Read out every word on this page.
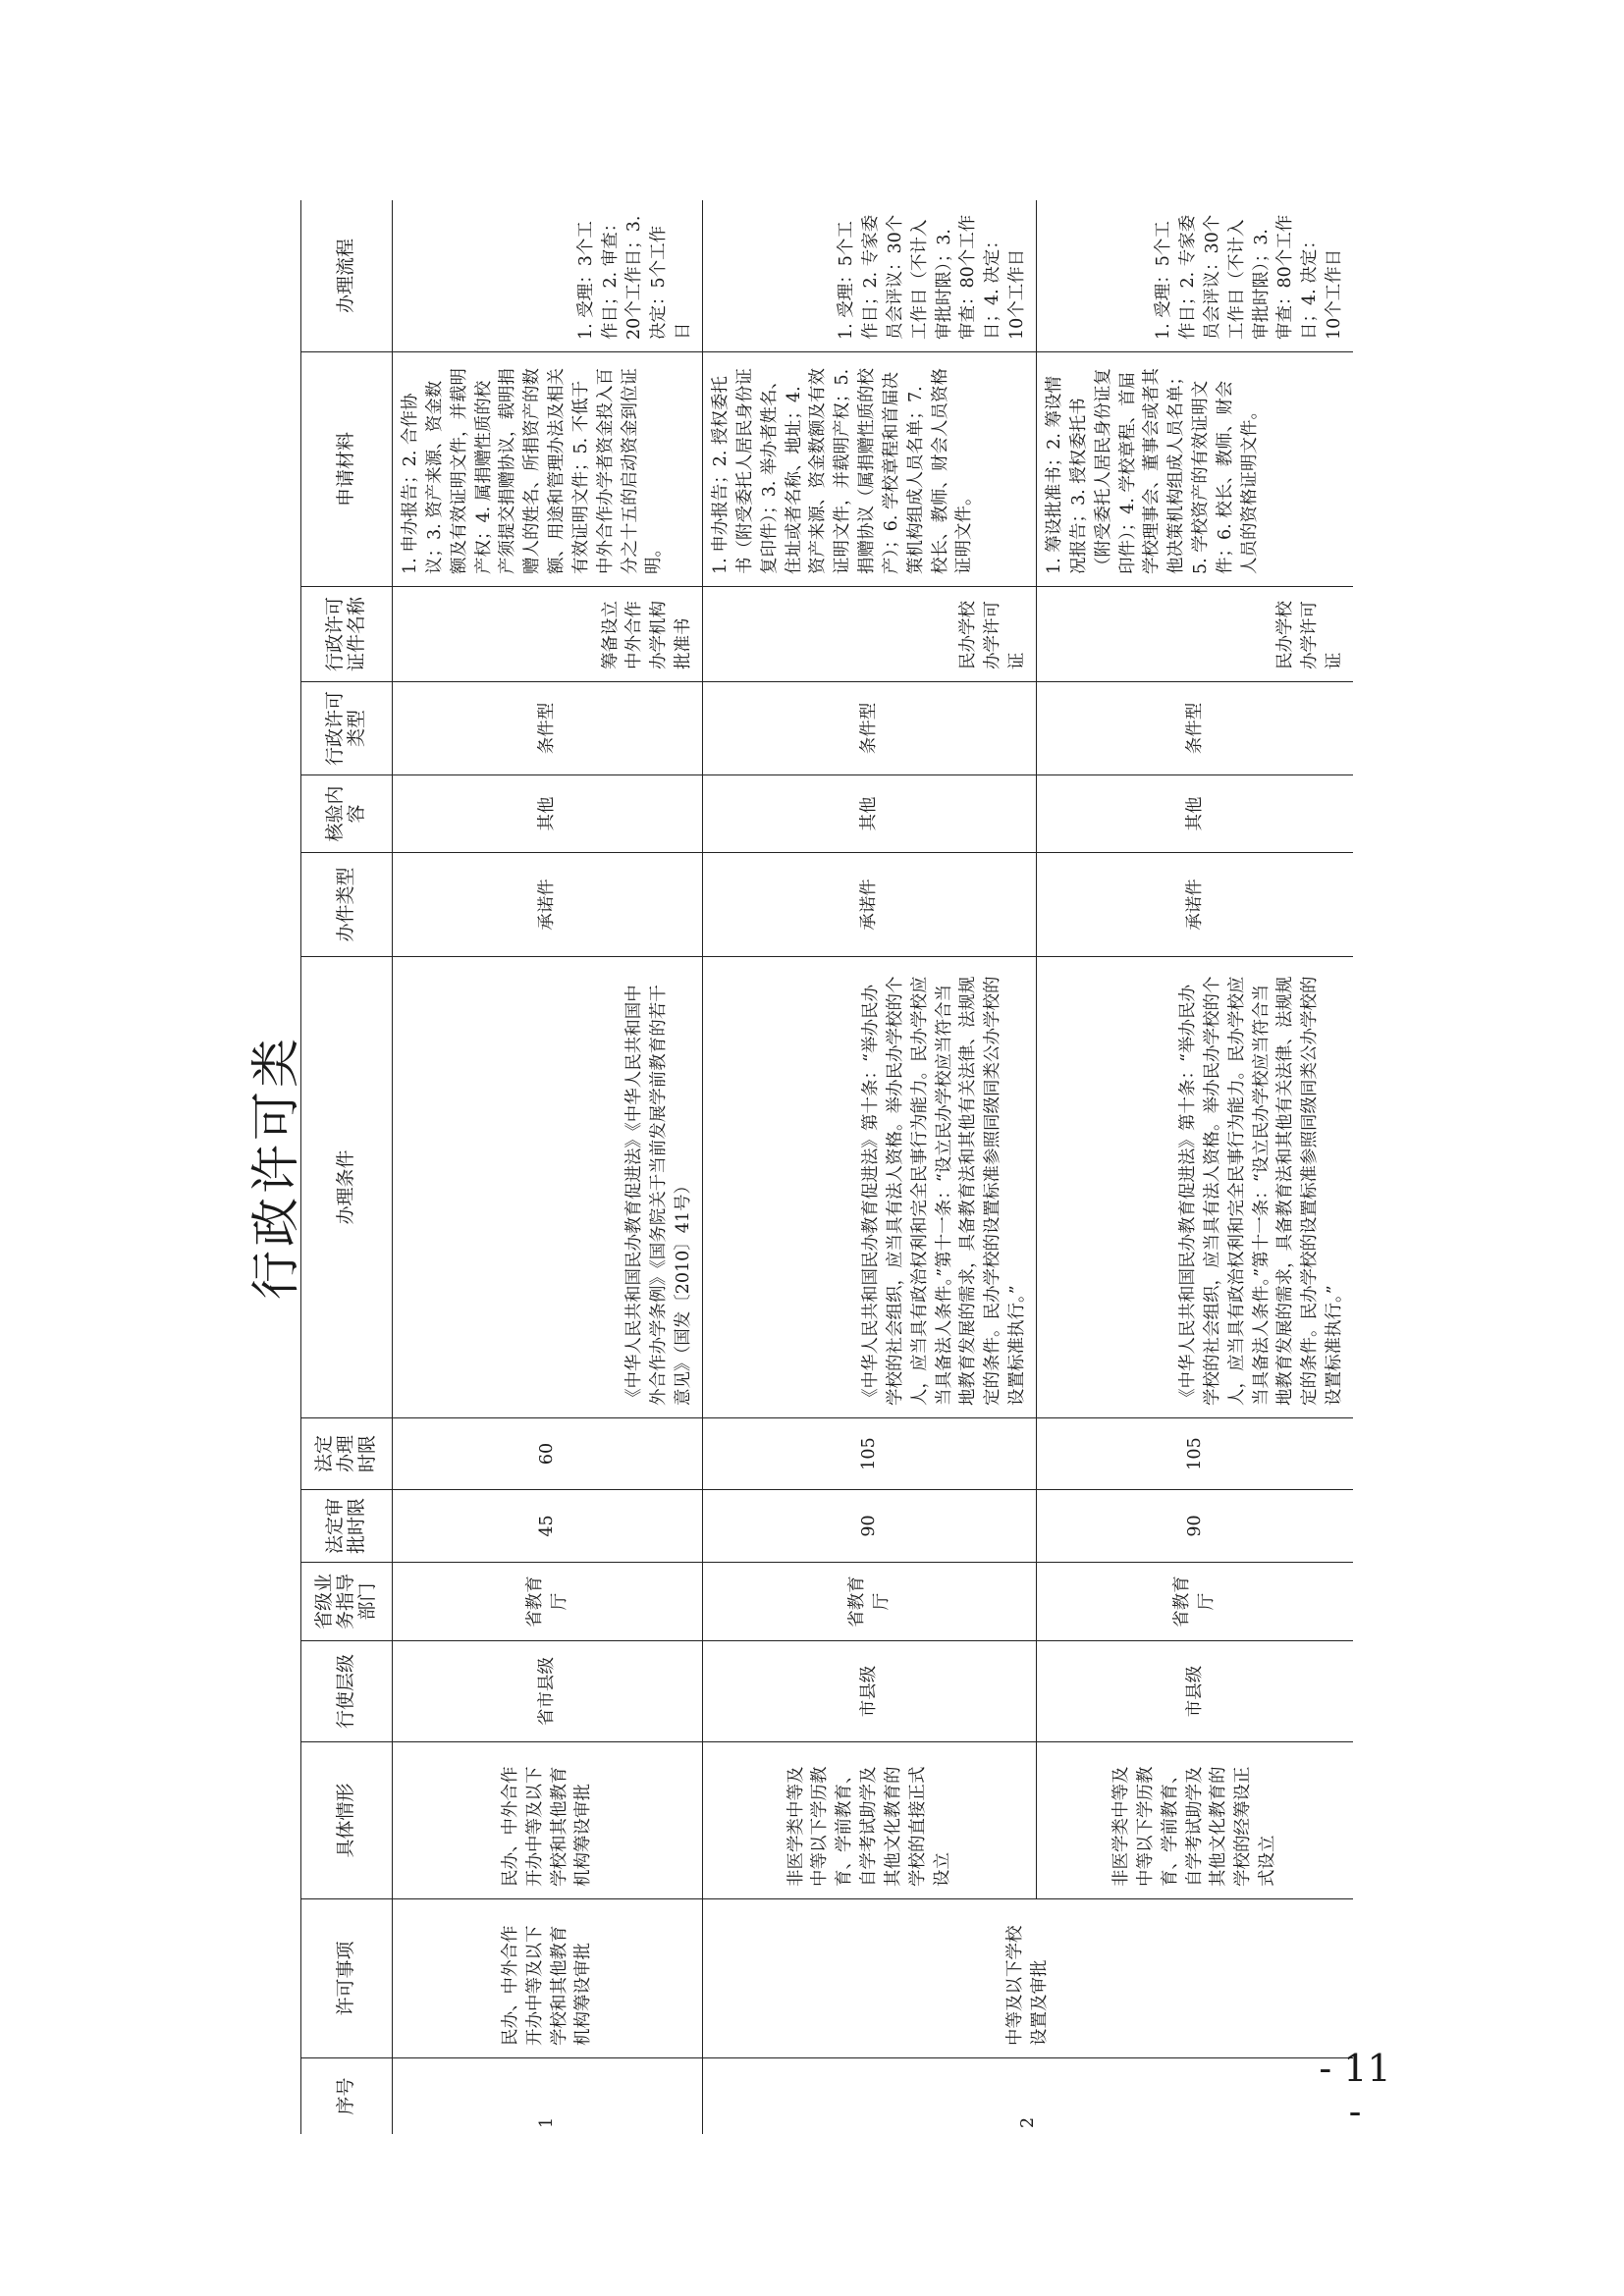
行政许可类
序号
许可事项
具体情形
行使层级
省级业务指导部门
法定审批时限
法定办理时限
办理条件
办件类型
核验内容
行政许可类型
行政许可证件名称
申请材料
办理流程
1
民办、中外合作开办中等及以下学校和其他教育机构筹设审批
民办、中外合作开办中等及以下学校和其他教育机构筹设审批
省市县级
省教育厅
45
60
《中华人民共和国民办教育促进法》《中华人民共和国中外合作办学条例》《国务院关于当前发展学前教育的若干意见》（国发〔2010〕41号）
承诺件
其他
条件型
筹备设立中外合作办学机构批准书
1. 申办报告；2. 合作协议；3. 资产来源、资金数额及有效证明文件，并载明产权；4. 属捐赠性质的校产须提交捐赠协议，载明捐赠人的姓名、所捐资产的数额、用途和管理办法及相关有效证明文件；5. 不低于中外合作办学者资金投入百分之十五的启动资金到位证明。
1. 受理：3个工作日；2. 审查：20个工作日；3. 决定：5个工作日
2
中等及以下学校设置及审批
非医学类中等及中等以下学历教育、学前教育、自学考试助学及其他文化教育的学校的直接正式设立
市县级
省教育厅
90
105
《中华人民共和国民办教育促进法》第十条：“举办民办学校的社会组织，应当具有法人资格。举办民办学校的个人，应当具有政治权利和完全民事行为能力。民办学校应当具备法人条件。”第十一条：“设立民办学校应当符合当地教育发展的需求，具备教育法和其他有关法律、法规规定的条件。民办学校的设置标准参照同级同类公办学校的设置标准执行。”
承诺件
其他
条件型
民办学校办学许可证
1. 申办报告；2. 授权委托书（附受委托人居民身份证复印件）；3. 举办者姓名、住址或者名称、地址；4. 资产来源、资金数额及有效证明文件，并载明产权；5. 捐赠协议（属捐赠性质的校产）；6. 学校章程和首届决策机构组成人员名单；7. 校长、教师、财会人员资格证明文件。
1. 受理：5个工作日；2. 专家委员会评议：30个工作日（不计入审批时限）；3. 审查：80个工作日；4. 决定：10个工作日
非医学类中等及中等以下学历教育、学前教育、自学考试助学及其他文化教育的学校的经筹设正式设立
市县级
省教育厅
90
105
《中华人民共和国民办教育促进法》第十条：“举办民办学校的社会组织，应当具有法人资格。举办民办学校的个人，应当具有政治权利和完全民事行为能力。民办学校应当具备法人条件。”第十一条：“设立民办学校应当符合当地教育发展的需求，具备教育法和其他有关法律、法规规定的条件。民办学校的设置标准参照同级同类公办学校的设置标准执行。”
承诺件
其他
条件型
民办学校办学许可证
1. 筹设批准书；2. 筹设情况报告；3. 授权委托书（附受委托人居民身份证复印件）；4. 学校章程、首届学校理事会、董事会或者其他决策机构组成人员名单；5. 学校资产的有效证明文件；6. 校长、教师、财会人员的资格证明文件。
1. 受理：5个工作日；2. 专家委员会评议：30个工作日（不计入审批时限）；3. 审查：80个工作日；4. 决定：10个工作日
- 11 -
